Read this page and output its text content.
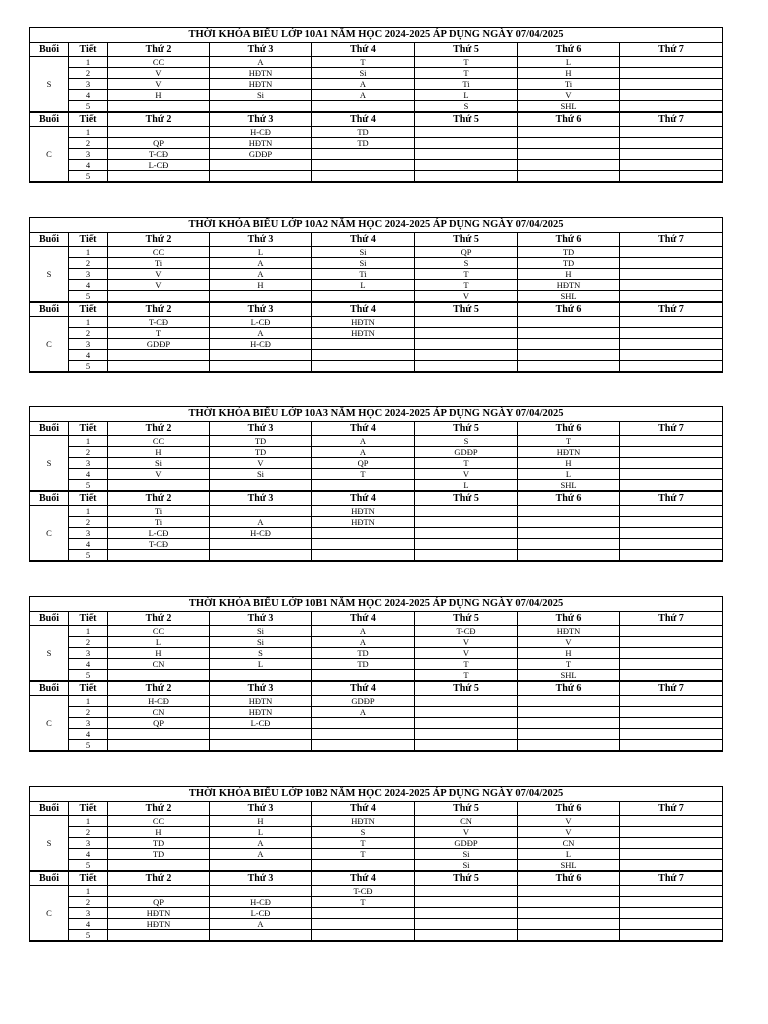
THỜI KHÓA BIỂU LỚP 10A1 NĂM HỌC 2024-2025 ÁP DỤNG NGÀY 07/04/2025							
Buổi	Tiết	Thứ 2	Thứ 3	Thứ 4	Thứ 5	Thứ 6	Thứ 7
S	1	CC	A	T	T	L	
	2	V	HĐTN	Si	T	H	
	3	V	HĐTN	A	Ti	Ti	
	4	H	Si	A	L	V	
	5				S	SHL	
Buổi	Tiết	Thứ 2	Thứ 3	Thứ 4	Thứ 5	Thứ 6	Thứ 7
C	1		H-CĐ	TD			
	2	QP	HĐTN	TD			
	3	T-CĐ	GDĐP				
	4	L-CĐ					
	5						
THỜI KHÓA BIỂU LỚP 10A2 NĂM HỌC 2024-2025 ÁP DỤNG NGÀY 07/04/2025							
Buổi	Tiết	Thứ 2	Thứ 3	Thứ 4	Thứ 5	Thứ 6	Thứ 7
S	1	CC	L	Si	QP	TD	
	2	Ti	A	Si	S	TD	
	3	V	A	Ti	T	H	
	4	V	H	L	T	HĐTN	
	5				V	SHL	
Buổi	Tiết	Thứ 2	Thứ 3	Thứ 4	Thứ 5	Thứ 6	Thứ 7
C	1	T-CĐ	L-CĐ	HĐTN			
	2	T	A	HĐTN			
	3	GDĐP	H-CĐ				
	4						
	5						
THỜI KHÓA BIỂU LỚP 10A3 NĂM HỌC 2024-2025 ÁP DỤNG NGÀY 07/04/2025							
Buổi	Tiết	Thứ 2	Thứ 3	Thứ 4	Thứ 5	Thứ 6	Thứ 7
S	1	CC	TD	A	S	T	
	2	H	TD	A	GDĐP	HĐTN	
	3	Si	V	QP	T	H	
	4	V	Si	T	V	L	
	5				L	SHL	
Buổi	Tiết	Thứ 2	Thứ 3	Thứ 4	Thứ 5	Thứ 6	Thứ 7
C	1	Ti		HĐTN			
	2	Ti	A	HĐTN			
	3	L-CĐ	H-CĐ				
	4	T-CĐ					
	5						
THỜI KHÓA BIỂU LỚP 10B1 NĂM HỌC 2024-2025 ÁP DỤNG NGÀY 07/04/2025							
Buổi	Tiết	Thứ 2	Thứ 3	Thứ 4	Thứ 5	Thứ 6	Thứ 7
S	1	CC	Si	A	T-CĐ	HĐTN	
	2	L	Si	A	V	V	
	3	H	S	TD	V	H	
	4	CN	L	TD	T	T	
	5				T	SHL	
Buổi	Tiết	Thứ 2	Thứ 3	Thứ 4	Thứ 5	Thứ 6	Thứ 7
C	1	H-CĐ	HĐTN	GDĐP			
	2	CN	HĐTN	A			
	3	QP	L-CĐ				
	4						
	5						
THỜI KHÓA BIỂU LỚP 10B2 NĂM HỌC 2024-2025 ÁP DỤNG NGÀY 07/04/2025							
Buổi	Tiết	Thứ 2	Thứ 3	Thứ 4	Thứ 5	Thứ 6	Thứ 7
S	1	CC	H	HĐTN	CN	V	
	2	H	L	S	V	V	
	3	TD	A	T	GDĐP	CN	
	4	TD	A	T	Si	L	
	5				Si	SHL	
Buổi	Tiết	Thứ 2	Thứ 3	Thứ 4	Thứ 5	Thứ 6	Thứ 7
C	1			T-CĐ			
	2	QP	H-CĐ	T			
	3	HĐTN	L-CĐ				
	4	HĐTN	A				
	5						
